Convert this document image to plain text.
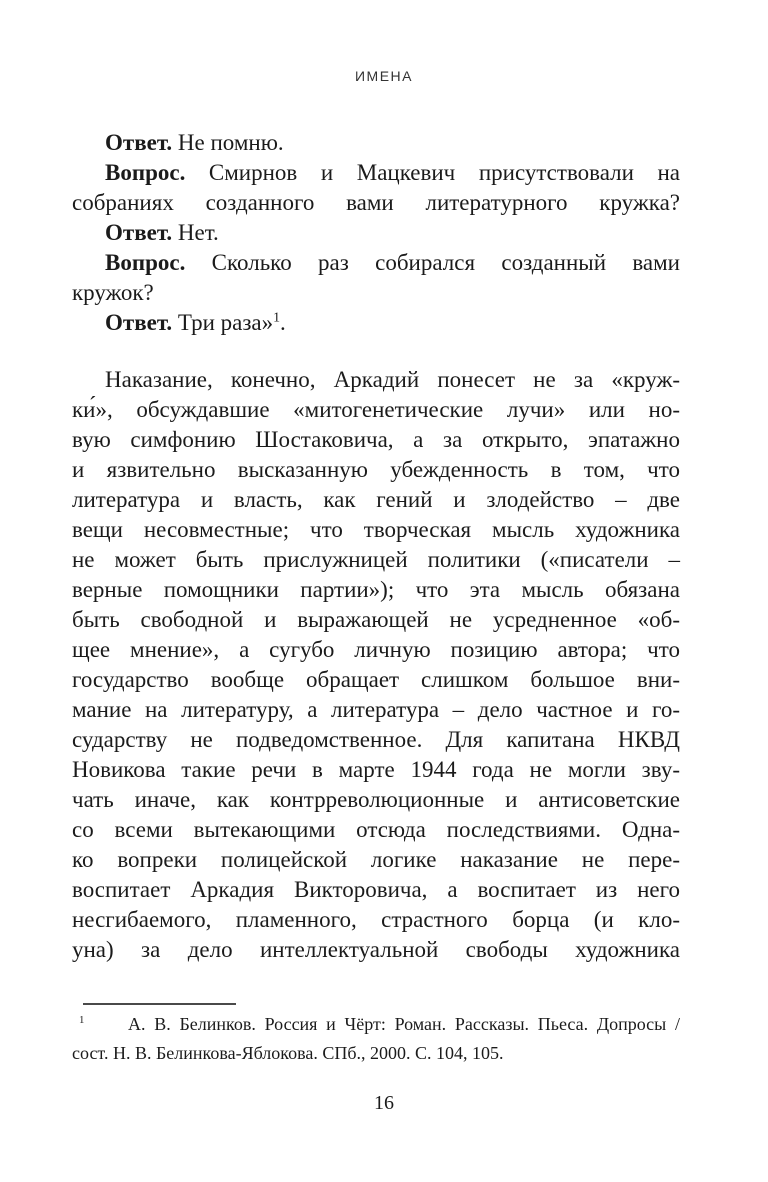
ИМЕНА
Ответ. Не помню.
Вопрос. Смирнов и Мацкевич присутствовали на
собраниях созданного вами литературного кружка?
Ответ. Нет.
Вопрос. Сколько раз собирался созданный вами
кружок?
Ответ. Три раза»$^1$.
Наказание, конечно, Аркадий понесет не за «круж-
ки́», обсуждавшие «митогенетические лучи» или но-
вую симфонию Шостаковича, а за открыто, эпатажно
и язвительно высказанную убежденность в том, что
литература и власть, как гений и злодейство – две
вещи несовместные; что творческая мысль художника
не может быть прислужницей политики («писатели –
верные помощники партии»); что эта мысль обязана
быть свободной и выражающей не усредненное «об-
щее мнение», а сугубо личную позицию автора; что
государство вообще обращает слишком большое вни-
мание на литературу, а литература – дело частное и го-
сударству не подведомственное. Для капитана НКВД
Новикова такие речи в марте 1944 года не могли зву-
чать иначе, как контрреволюционные и антисоветские
со всеми вытекающими отсюда последствиями. Одна-
ко вопреки полицейской логике наказание не пере-
воспитает Аркадия Викторовича, а воспитает из него
несгибаемого, пламенного, страстного борца (и кло-
уна) за дело интеллектуальной свободы художника
$^1$ А. В. Белинков. Россия и Чёрт: Роман. Рассказы. Пьеса. Допросы /
сост. Н. В. Белинкова-Яблокова. СПб., 2000. С. 104, 105.
16
